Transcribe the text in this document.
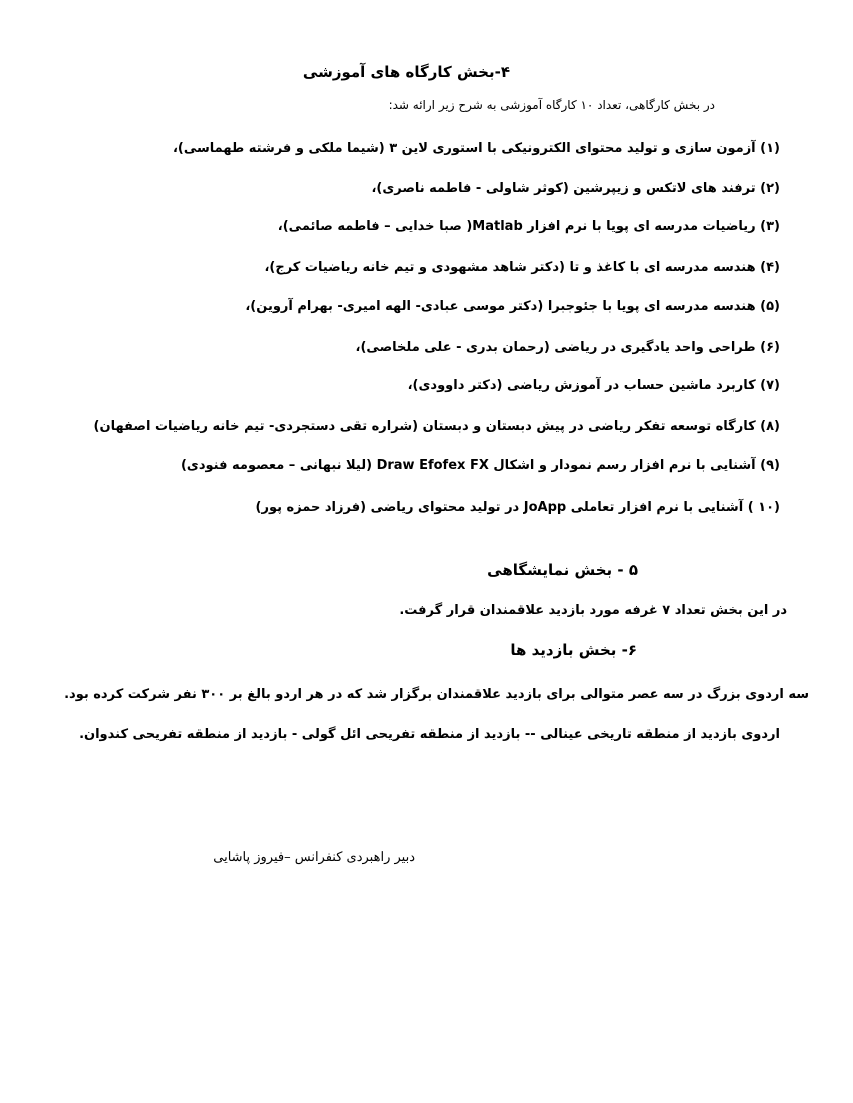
۴-بخش کارگاه های آموزشی
در بخش کارگاهی، تعداد ۱۰ کارگاه آموزشی به شرح زیر ارائه شد:
(۱) آزمون سازی و تولید محتوای الکترونیکی با استوری لاین ۳ (شیما ملکی و فرشته طهماسی)،
(۲) ترفند های لاتکس و زیپرشین (کوثر شاولی - فاطمه ناصری)،
(۳) ریاضیات مدرسه ای پویا با نرم افزار Matlab( صبا خدایی – فاطمه صائمی)،
(۴) هندسه مدرسه ای با کاغذ و تا (دکتر شاهد مشهودی و تیم خانه ریاضیات کرج)،
(۵) هندسه مدرسه ای پویا با جئوجبرا (دکتر موسی عبادی- الهه امیری- بهرام آروین)،
(۶) طراحی واحد یادگیری در ریاضی (رحمان بدری - علی ملخاصی)،
(۷) کاربرد ماشین حساب در آموزش ریاضی (دکتر داوودی)،
(۸) کارگاه توسعه تفکر ریاضی در پیش دبستان و دبستان (شراره تقی دستجردی- تیم خانه ریاضیات اصفهان)
(۹) آشنایی با نرم افزار رسم نمودار و اشکال Draw Efofex FX (لیلا نبهانی – معصومه فنودی)
(۱۰ ) آشنایی با نرم افزار تعاملی JoApp در تولید محتوای ریاضی (فرزاد حمزه پور)
۵ - بخش نمایشگاهی
در این بخش تعداد ۷ غرفه مورد بازدید علاقمندان قرار گرفت.
۶- بخش بازدید ها
سه اردوی بزرگ در سه عصر متوالی برای بازدید علاقمندان برگزار شد که در هر اردو بالغ بر ۳۰۰ نفر شرکت کرده بود.
اردوی بازدید از منطقه تاریخی عینالی -- بازدید از منطقه تفریحی ائل گولی - بازدید از منطقه تفریحی کندوان.
دبیر راهبردی کنفرانس –فیروز پاشایی
